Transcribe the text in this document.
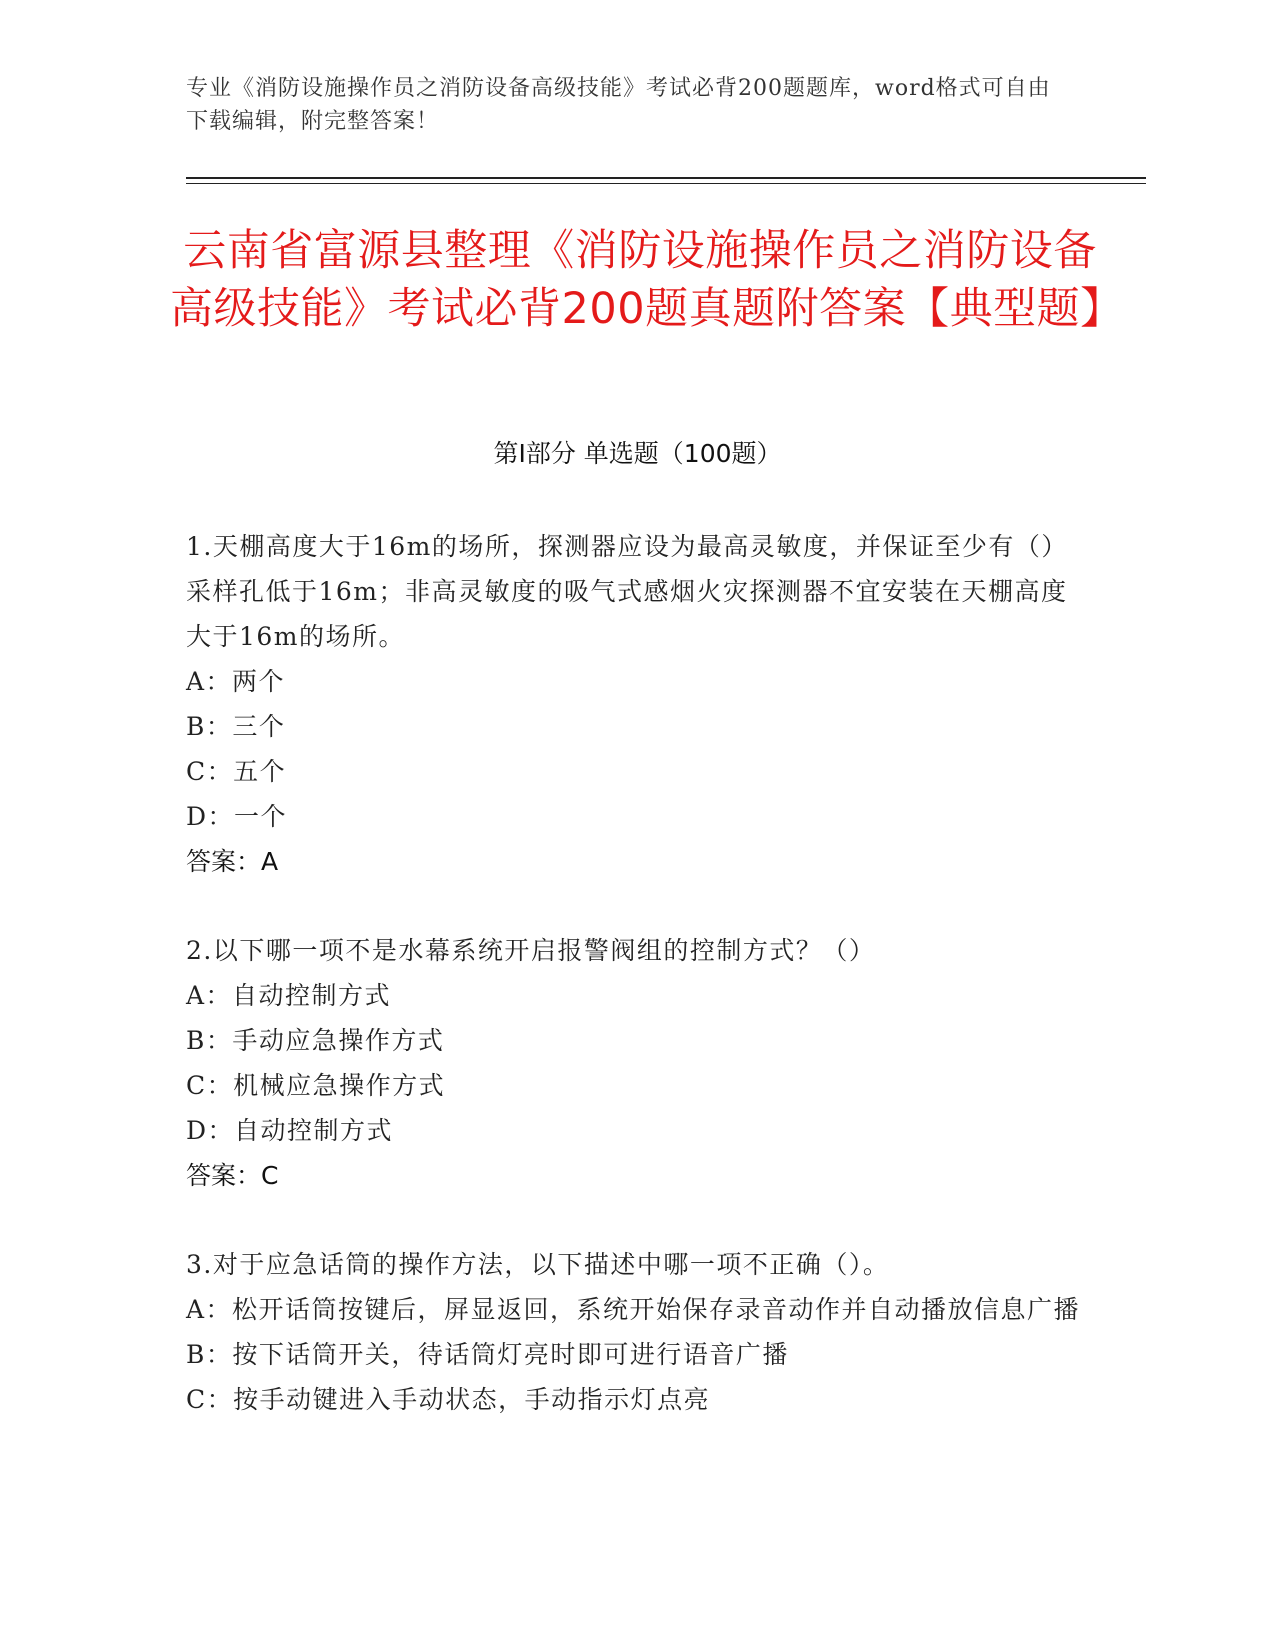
专业《消防设施操作员之消防设备高级技能》考试必背200题题库，word格式可自由下载编辑，附完整答案！
云南省富源县整理《消防设施操作员之消防设备高级技能》考试必背200题真题附答案【典型题】
第Ⅰ部分 单选题（100题）

1.天棚高度大于16m的场所，探测器应设为最高灵敏度，并保证至少有（）采样孔低于16m；非高灵敏度的吸气式感烟火灾探测器不宜安装在天棚高度大于16m的场所。

A：两个

B：三个

C：五个

D：一个

答案：A

2.以下哪一项不是水幕系统开启报警阀组的控制方式？（）

A：自动控制方式

B：手动应急操作方式

C：机械应急操作方式

D：自动控制方式

答案：C

3.对于应急话筒的操作方法，以下描述中哪一项不正确（）。

A：松开话筒按键后，屏显返回，系统开始保存录音动作并自动播放信息广播

B：按下话筒开关，待话筒灯亮时即可进行语音广播

C：按手动键进入手动状态，手动指示灯点亮
